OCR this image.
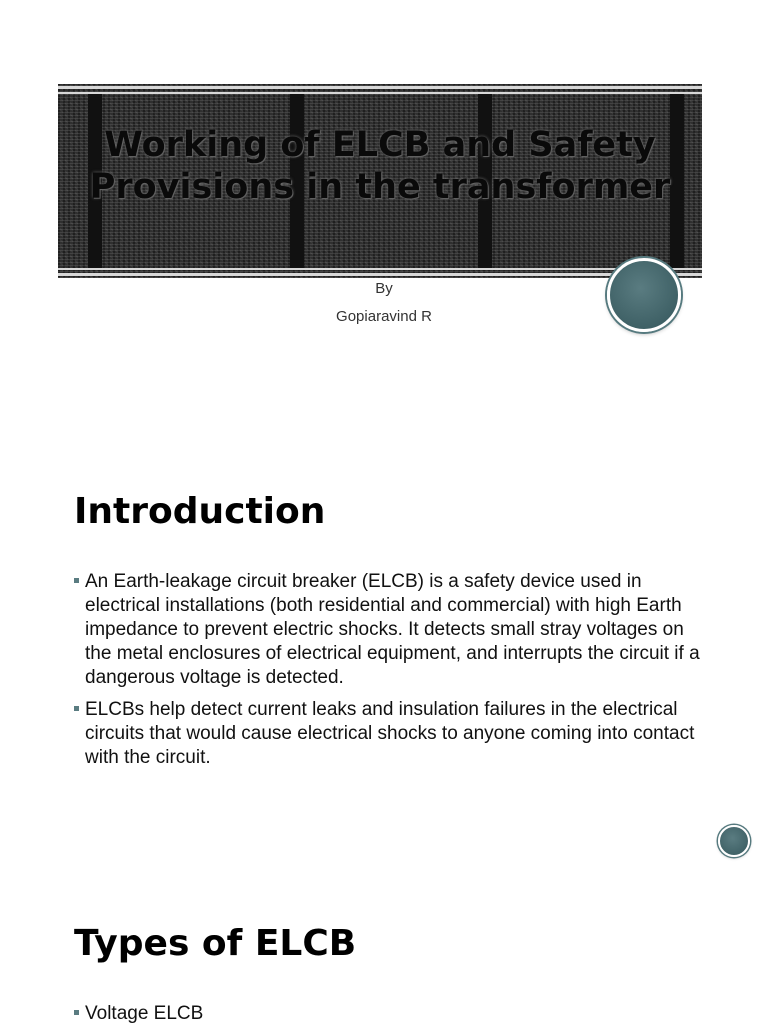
Working of ELCB and Safety Provisions in the transformer
By
Gopiaravind R
Introduction
An Earth-leakage circuit breaker (ELCB) is a safety device used in electrical installations (both residential and commercial) with high Earth impedance to prevent electric shocks. It detects small stray voltages on the metal enclosures of electrical equipment, and interrupts the circuit if a dangerous voltage is detected.
ELCBs help detect current leaks and insulation failures in the electrical circuits that would cause electrical shocks to anyone coming into contact with the circuit.
Types of ELCB
Voltage ELCB
